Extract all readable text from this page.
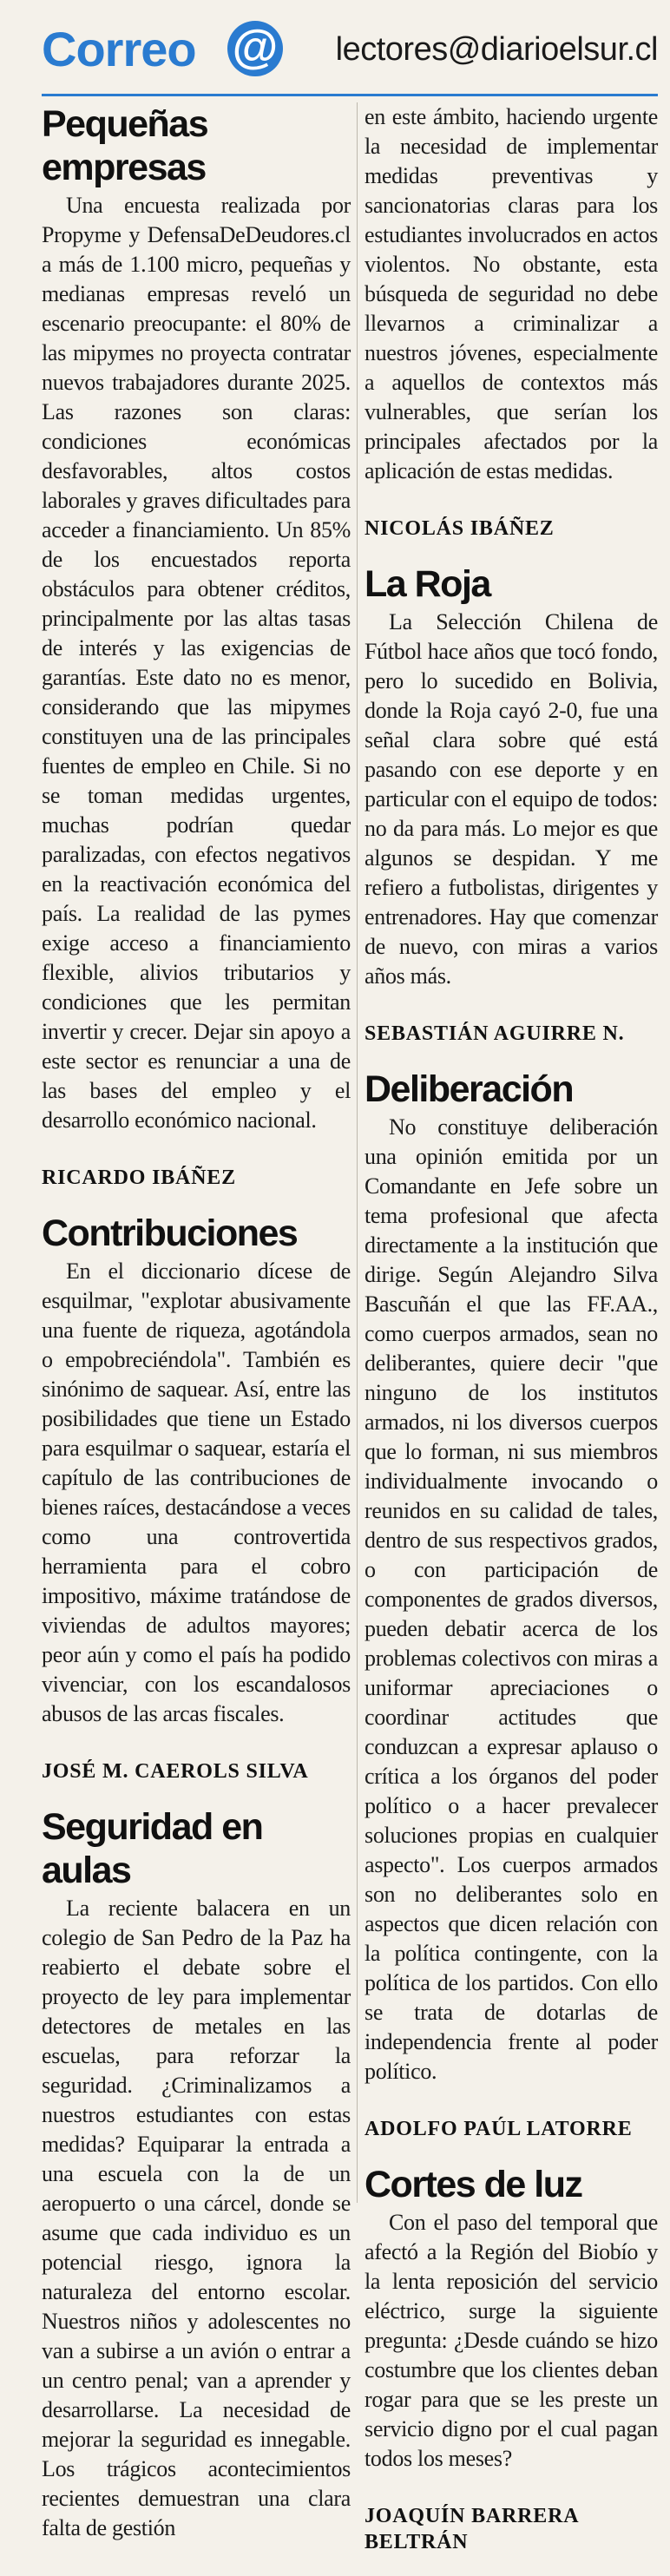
Correo @ lectores@diarioelsur.cl
Pequeñas empresas

Una encuesta realizada por Propyme y DefensaDeDeudores.cl a más de 1.100 micro, pequeñas y medianas empresas reveló un escenario preocupante: el 80% de las mipymes no proyecta contratar nuevos trabajadores durante 2025. Las razones son claras: condiciones económicas desfavorables, altos costos laborales y graves dificultades para acceder a financiamiento. Un 85% de los encuestados reporta obstáculos para obtener créditos, principalmente por las altas tasas de interés y las exigencias de garantías. Este dato no es menor, considerando que las mipymes constituyen una de las principales fuentes de empleo en Chile. Si no se toman medidas urgentes, muchas podrían quedar paralizadas, con efectos negativos en la reactivación económica del país. La realidad de las pymes exige acceso a financiamiento flexible, alivios tributarios y condiciones que les permitan invertir y crecer. Dejar sin apoyo a este sector es renunciar a una de las bases del empleo y el desarrollo económico nacional.

RICARDO IBÁÑEZ
Contribuciones

En el diccionario dícese de esquilmar, "explotar abusivamente una fuente de riqueza, agotándola o empobreciéndola". También es sinónimo de saquear. Así, entre las posibilidades que tiene un Estado para esquilmar o saquear, estaría el capítulo de las contribuciones de bienes raíces, destacándose a veces como una controvertida herramienta para el cobro impositivo, máxime tratándose de viviendas de adultos mayores; peor aún y como el país ha podido vivenciar, con los escandalosos abusos de las arcas fiscales.

JOSÉ M. CAEROLS SILVA
Seguridad en aulas

La reciente balacera en un colegio de San Pedro de la Paz ha reabierto el debate sobre el proyecto de ley para implementar detectores de metales en las escuelas, para reforzar la seguridad. ¿Criminalizamos a nuestros estudiantes con estas medidas? Equiparar la entrada a una escuela con la de un aeropuerto o una cárcel, donde se asume que cada individuo es un potencial riesgo, ignora la naturaleza del entorno escolar. Nuestros niños y adolescentes no van a subirse a un avión o entrar a un centro penal; van a aprender y desarrollarse. La necesidad de mejorar la seguridad es innegable. Los trágicos acontecimientos recientes demuestran una clara falta de gestión

en este ámbito, haciendo urgente la necesidad de implementar medidas preventivas y sancionatorias claras para los estudiantes involucrados en actos violentos. No obstante, esta búsqueda de seguridad no debe llevarnos a criminalizar a nuestros jóvenes, especialmente a aquellos de contextos más vulnerables, que serían los principales afectados por la aplicación de estas medidas.

NICOLÁS IBÁÑEZ
La Roja

La Selección Chilena de Fútbol hace años que tocó fondo, pero lo sucedido en Bolivia, donde la Roja cayó 2-0, fue una señal clara sobre qué está pasando con ese deporte y en particular con el equipo de todos: no da para más. Lo mejor es que algunos se despidan. Y me refiero a futbolistas, dirigentes y entrenadores. Hay que comenzar de nuevo, con miras a varios años más.

SEBASTIÁN AGUIRRE N.
Deliberación

No constituye deliberación una opinión emitida por un Comandante en Jefe sobre un tema profesional que afecta directamente a la institución que dirige. Según Alejandro Silva Bascuñán el que las FF.AA., como cuerpos armados, sean no deliberantes, quiere decir "que ninguno de los institutos armados, ni los diversos cuerpos que lo forman, ni sus miembros individualmente invocando o reunidos en su calidad de tales, dentro de sus respectivos grados, o con participación de componentes de grados diversos, pueden debatir acerca de los problemas colectivos con miras a uniformar apreciaciones o coordinar actitudes que conduzcan a expresar aplauso o crítica a los órganos del poder político o a hacer prevalecer soluciones propias en cualquier aspecto". Los cuerpos armados son no deliberantes solo en aspectos que dicen relación con la política contingente, con la política de los partidos. Con ello se trata de dotarlas de independencia frente al poder político.

ADOLFO PAÚL LATORRE
Cortes de luz

Con el paso del temporal que afectó a la Región del Biobío y la lenta reposición del servicio eléctrico, surge la siguiente pregunta: ¿Desde cuándo se hizo costumbre que los clientes deban rogar para que se les preste un servicio digno por el cual pagan todos los meses?

JOAQUÍN BARRERA BELTRÁN
